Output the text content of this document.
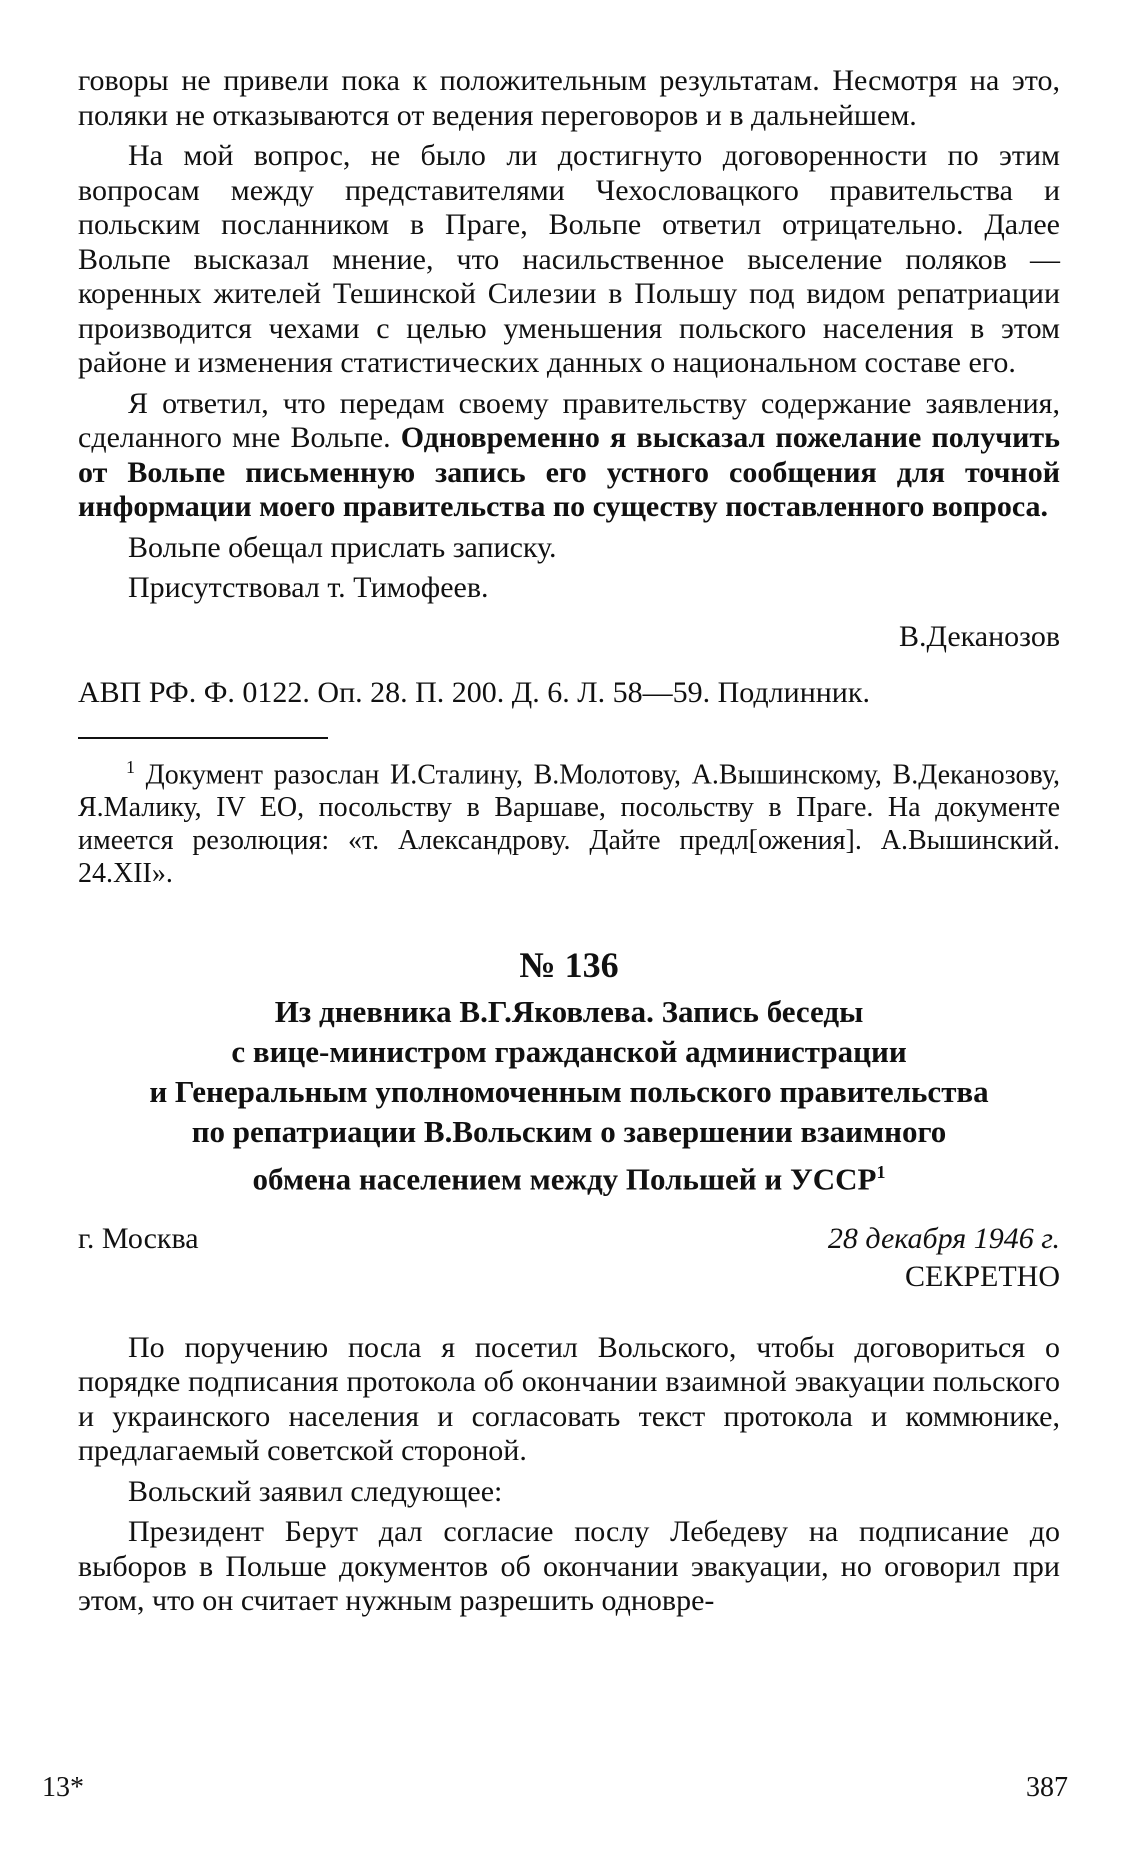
говоры не привели пока к положительным результатам. Несмотря на это, поляки не отказываются от ведения переговоров и в дальнейшем.

На мой вопрос, не было ли достигнуто договоренности по этим вопросам между представителями Чехословацкого правительства и польским посланником в Праге, Вольпе ответил отрицательно. Далее Вольпе высказал мнение, что насильственное выселение поляков — коренных жителей Тешинской Силезии в Польшу под видом репатриации производится чехами с целью уменьшения польского населения в этом районе и изменения статистических данных о национальном составе его.

Я ответил, что передам своему правительству содержание заявления, сделанного мне Вольпе. Одновременно я высказал пожелание получить от Вольпе письменную запись его устного сообщения для точной информации моего правительства по существу поставленного вопроса.

Вольпе обещал прислать записку.

Присутствовал т. Тимофеев.

В.Деканозов
АВП РФ. Ф. 0122. Оп. 28. П. 200. Д. 6. Л. 58—59. Подлинник.
$^1$ Документ разослан И.Сталину, В.Молотову, А.Вышинскому, В.Деканозову, Я.Малику, IV ЕО, посольству в Варшаве, посольству в Праге. На документе имеется резолюция: «т. Александрову. Дайте предл[ожения]. А.Вышинский. 24.XII».
№ 136
Из дневника В.Г.Яковлева. Запись беседы
с вице-министром гражданской администрации
и Генеральным уполномоченным польского правительства
по репатриации В.Вольским о завершении взаимного
обмена населением между Польшей и УССР$^1$
г. Москва	28 декабря 1946 г.
СЕКРЕТНО

По поручению посла я посетил Вольского, чтобы договориться о порядке подписания протокола об окончании взаимной эвакуации польского и украинского населения и согласовать текст протокола и коммюнике, предлагаемый советской стороной.

Вольский заявил следующее:

Президент Берут дал согласие послу Лебедеву на подписание до выборов в Польше документов об окончании эвакуации, но оговорил при этом, что он считает нужным разрешить одновре-

13*	387
